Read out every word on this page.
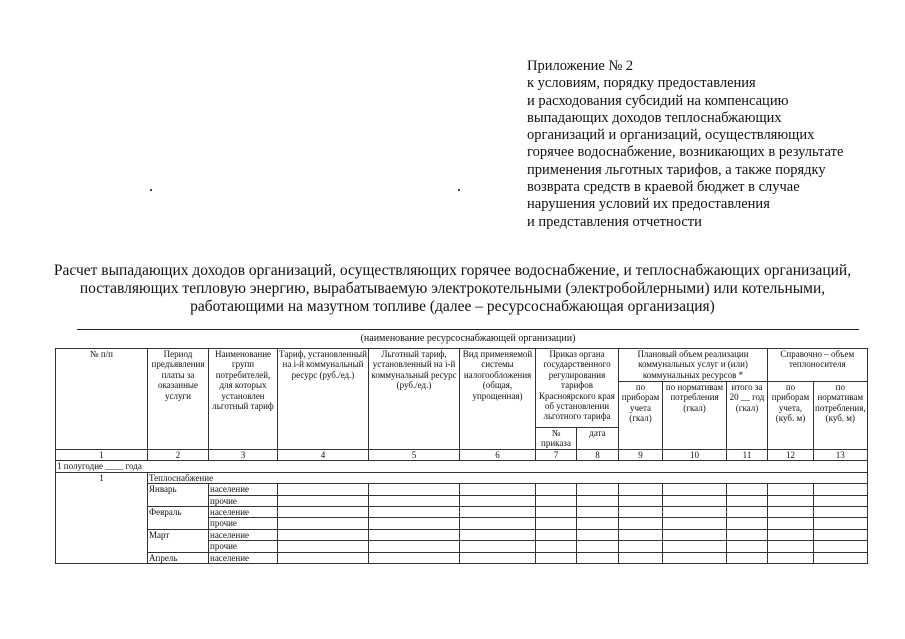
Приложение № 2
к условиям, порядку предоставления
и расходования субсидий на компенсацию
выпадающих доходов теплоснабжающих
организаций и организаций, осуществляющих
горячее водоснабжение, возникающих в результате
применения льготных тарифов, а также порядку
возврата средств в краевой бюджет в случае
нарушения условий их предоставления
и представления отчетности
Расчет выпадающих доходов организаций, осуществляющих горячее водоснабжение, и теплоснабжающих организаций,
поставляющих тепловую энергию, вырабатываемую электрокотельными (электробойлерными) или котельными,
работающими на мазутном топливе (далее – ресурсоснабжающая организация)
(наименование ресурсоснабжающей организации)
№ п/п	Период предъявления платы за оказанные услуги	Наименование групп потребителей, для которых установлен льготный тариф	Тариф, установленный на i-й коммунальный ресурс (руб./ед.)	Льготный тариф, установленный на i-й коммунальный ресурс (руб./ед.)	Вид применяемой системы налогообложения (общая, упрощенная)	Приказ органа государственного регулирования тарифов Красноярского края об установлении льготного тарифа		Плановый объем реализации коммунальных услуг и (или) коммунальных ресурсов *			Справочно – объем теплоносителя	
								по приборам учета (гкал)	по нормативам потребления (гкал)	итого за 20 __ год (гкал)	по приборам учета, (куб. м)	по нормативам потребления, (куб. м)
						№ приказа	дата					
1	2	3	4	5	6	7	8	9	10	11	12	13
1 полугодие ____ года												
1	Теплоснабжение											
	Январь	население										
		прочие										
	Февраль	население										
		прочие										
	Март	население										
		прочие										
	Апрель	население										
